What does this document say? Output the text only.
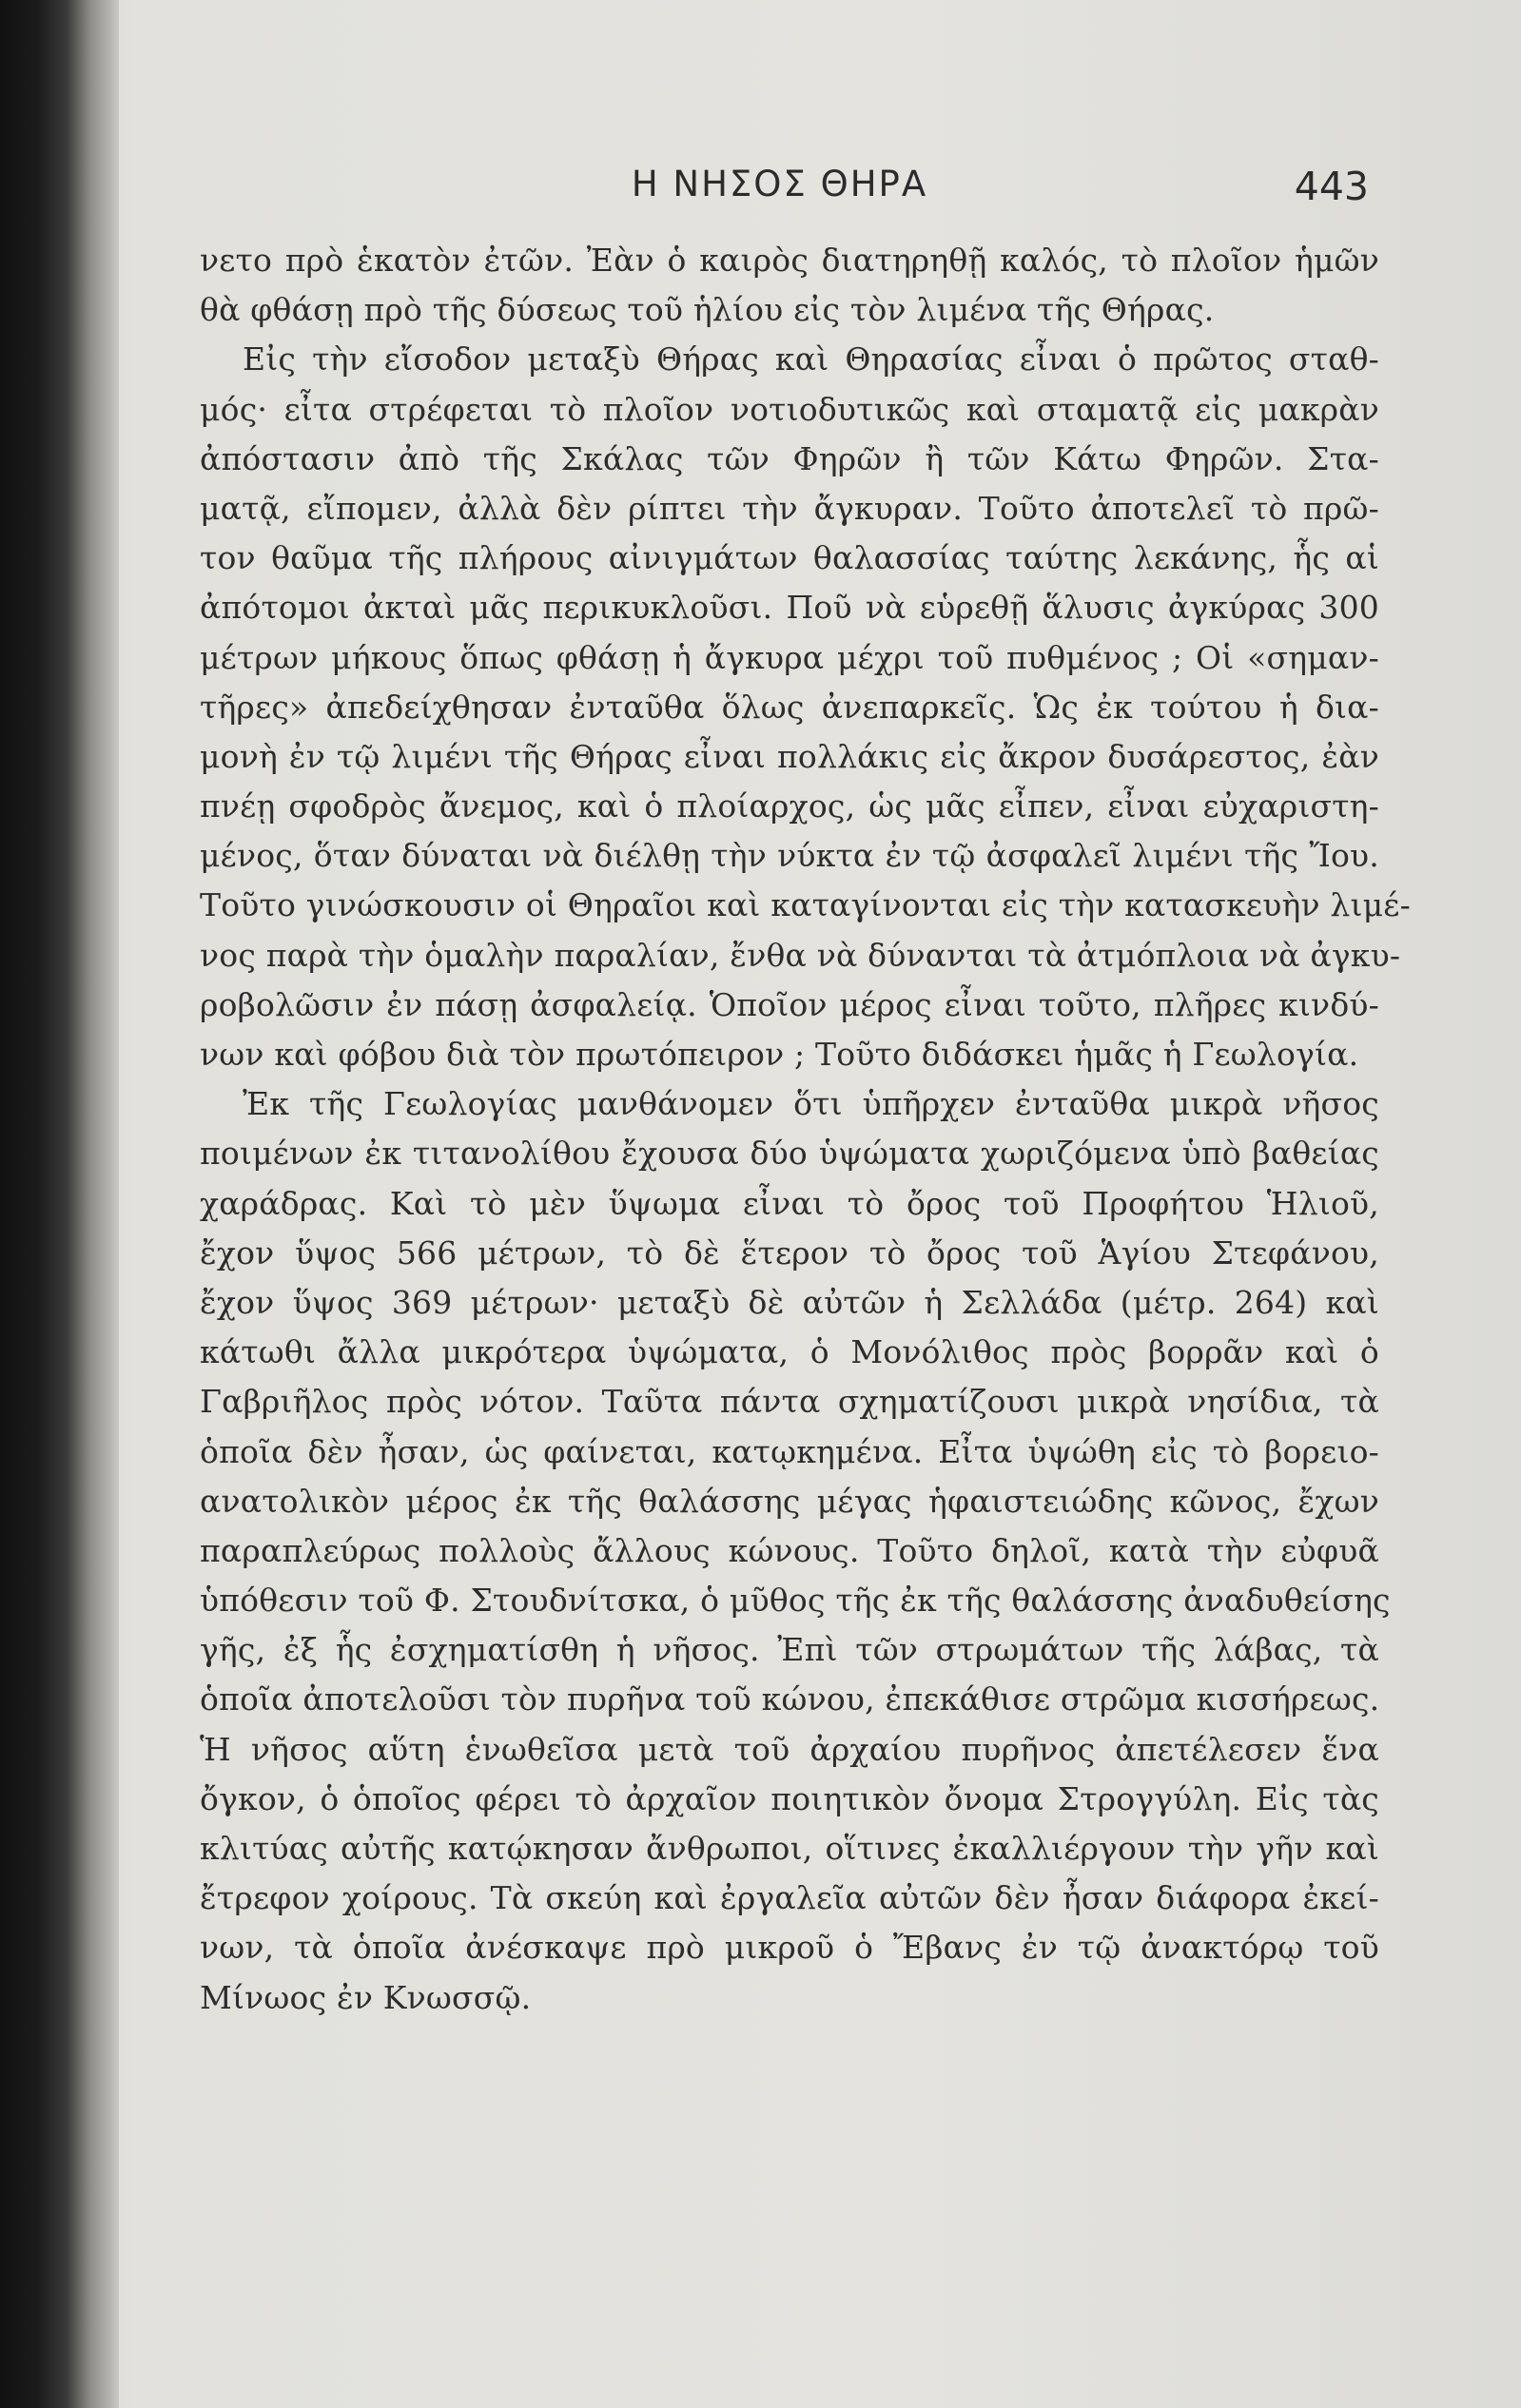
Η ΝΗΣΟΣ ΘΗΡΑ	443
νετο πρὸ ἑκατὸν ἐτῶν. Ἐὰν ὁ καιρὸς διατηρηθῇ καλός, τὸ πλοῖον ἡμῶν
θὰ φθάσῃ πρὸ τῆς δύσεως τοῦ ἡλίου εἰς τὸν λιμένα τῆς Θήρας.
Εἰς τὴν εἴσοδον μεταξὺ Θήρας καὶ Θηρασίας εἶναι ὁ πρῶτος σταθ-
μός· εἶτα στρέφεται τὸ πλοῖον νοτιοδυτικῶς καὶ σταματᾷ εἰς μακρὰν
ἀπόστασιν ἀπὸ τῆς Σκάλας τῶν Φηρῶν ἢ τῶν Κάτω Φηρῶν. Στα-
ματᾷ, εἴπομεν, ἀλλὰ δὲν ρίπτει τὴν ἄγκυραν. Τοῦτο ἀποτελεῖ τὸ πρῶ-
τον θαῦμα τῆς πλήρους αἰνιγμάτων θαλασσίας ταύτης λεκάνης, ἧς αἱ
ἀπότομοι ἀκταὶ μᾶς περικυκλοῦσι. Ποῦ νὰ εὑρεθῇ ἅλυσις ἀγκύρας 300
μέτρων μήκους ὅπως φθάσῃ ἡ ἄγκυρα μέχρι τοῦ πυθμένος ; Οἱ «σημαν-
τῆρες» ἀπεδείχθησαν ἐνταῦθα ὅλως ἀνεπαρκεῖς. Ὡς ἐκ τούτου ἡ δια-
μονὴ ἐν τῷ λιμένι τῆς Θήρας εἶναι πολλάκις εἰς ἄκρον δυσάρεστος, ἐὰν
πνέῃ σφοδρὸς ἄνεμος, καὶ ὁ πλοίαρχος, ὡς μᾶς εἶπεν, εἶναι εὐχαριστη-
μένος, ὅταν δύναται νὰ διέλθῃ τὴν νύκτα ἐν τῷ ἀσφαλεῖ λιμένι τῆς Ἴου.
Τοῦτο γινώσκουσιν οἱ Θηραῖοι καὶ καταγίνονται εἰς τὴν κατασκευὴν λιμέ-
νος παρὰ τὴν ὁμαλὴν παραλίαν, ἔνθα νὰ δύνανται τὰ ἀτμόπλοια νὰ ἀγκυ-
ροβολῶσιν ἐν πάσῃ ἀσφαλείᾳ. Ὁποῖον μέρος εἶναι τοῦτο, πλῆρες κινδύ-
νων καὶ φόβου διὰ τὸν πρωτόπειρον ; Τοῦτο διδάσκει ἡμᾶς ἡ Γεωλογία.
Ἐκ τῆς Γεωλογίας μανθάνομεν ὅτι ὑπῆρχεν ἐνταῦθα μικρὰ νῆσος
ποιμένων ἐκ τιτανολίθου ἔχουσα δύο ὑψώματα χωριζόμενα ὑπὸ βαθείας
χαράδρας. Καὶ τὸ μὲν ὕψωμα εἶναι τὸ ὄρος τοῦ Προφήτου Ἡλιοῦ,
ἔχον ὕψος 566 μέτρων, τὸ δὲ ἕτερον τὸ ὄρος τοῦ Ἁγίου Στεφάνου,
ἔχον ὕψος 369 μέτρων· μεταξὺ δὲ αὐτῶν ἡ Σελλάδα (μέτρ. 264) καὶ
κάτωθι ἄλλα μικρότερα ὑψώματα, ὁ Μονόλιθος πρὸς βορρᾶν καὶ ὁ
Γαβριῆλος πρὸς νότον. Ταῦτα πάντα σχηματίζουσι μικρὰ νησίδια, τὰ
ὁποῖα δὲν ἦσαν, ὡς φαίνεται, κατῳκημένα. Εἶτα ὑψώθη εἰς τὸ βορειο-
ανατολικὸν μέρος ἐκ τῆς θαλάσσης μέγας ἡφαιστειώδης κῶνος, ἔχων
παραπλεύρως πολλοὺς ἄλλους κώνους. Τοῦτο δηλοῖ, κατὰ τὴν εὐφυᾶ
ὑπόθεσιν τοῦ Φ. Στουδνίτσκα, ὁ μῦθος τῆς ἐκ τῆς θαλάσσης ἀναδυθείσης
γῆς, ἐξ ἧς ἐσχηματίσθη ἡ νῆσος. Ἐπὶ τῶν στρωμάτων τῆς λάβας, τὰ
ὁποῖα ἀποτελοῦσι τὸν πυρῆνα τοῦ κώνου, ἐπεκάθισε στρῶμα κισσήρεως.
Ἡ νῆσος αὕτη ἑνωθεῖσα μετὰ τοῦ ἀρχαίου πυρῆνος ἀπετέλεσεν ἕνα
ὄγκον, ὁ ὁποῖος φέρει τὸ ἀρχαῖον ποιητικὸν ὄνομα Στρογγύλη. Εἰς τὰς
κλιτύας αὐτῆς κατῴκησαν ἄνθρωποι, οἵτινες ἐκαλλιέργουν τὴν γῆν καὶ
ἔτρεφον χοίρους. Τὰ σκεύη καὶ ἐργαλεῖα αὐτῶν δὲν ἦσαν διάφορα ἐκεί-
νων, τὰ ὁποῖα ἀνέσκαψε πρὸ μικροῦ ὁ Ἔβανς ἐν τῷ ἀνακτόρῳ τοῦ
Μίνωος ἐν Κνωσσῷ.
